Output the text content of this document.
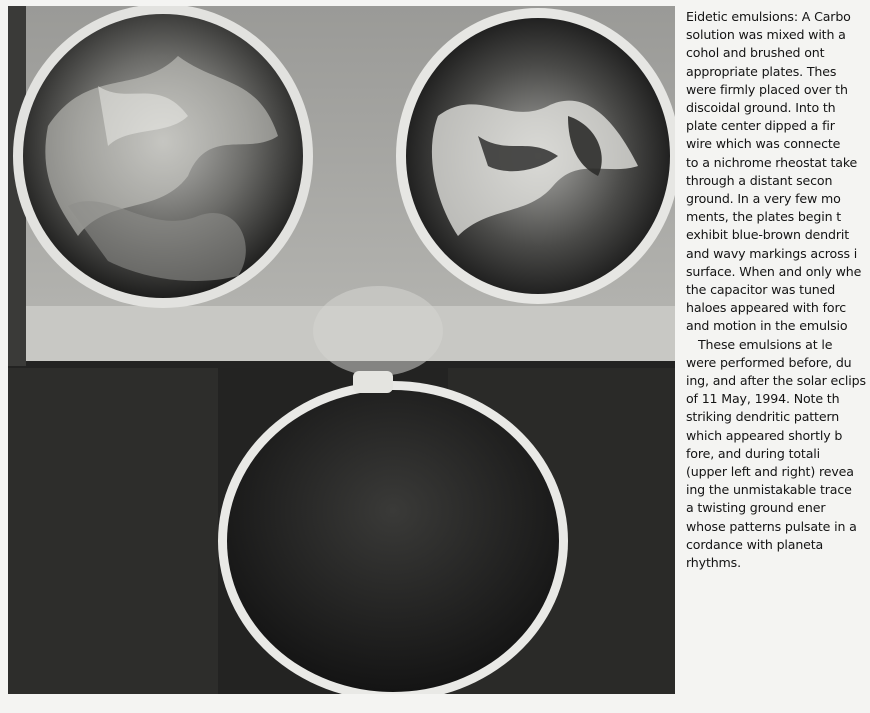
Eidetic emulsions: A Carbo

solution was mixed with a

cohol and brushed ont

appropriate plates. Thes

were firmly placed over th

discoidal ground. Into th

plate center dipped a fir

wire which was connecte

to a nichrome rheostat take

through a distant secon

ground. In a very few mo

ments, the plates begin t

exhibit blue-brown dendrit

and wavy markings across i

surface. When and only whe

the capacitor was tuned

haloes appeared with forc

and motion in the emulsio

These emulsions at le

were performed before, du

ing, and after the solar eclips

of 11 May, 1994. Note th

striking dendritic pattern

which appeared shortly b

fore, and during totali

(upper left and right) revea

ing the unmistakable trace

a twisting ground ener

whose patterns pulsate in a

cordance with planeta

rhythms.
